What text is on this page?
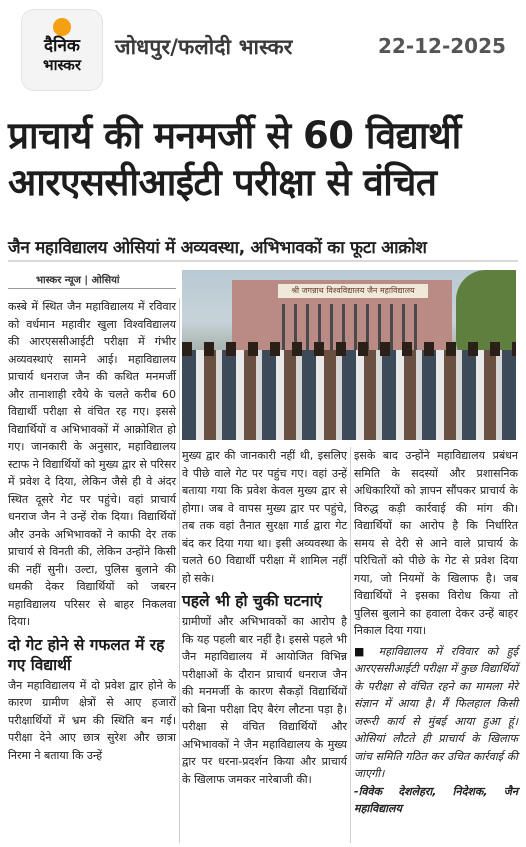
दैनिक
भास्कर
जोधपुर/फलोदी भास्कर	22-12-2025
प्राचार्य की मनमर्जी से 60 विद्यार्थी आरएससीआईटी परीक्षा से वंचित
जैन महाविद्यालय ओसियां में अव्यवस्था, अभिभावकों का फूटा आक्रोश
भास्कर न्यूज | ओसियां
श्री जगन्नाथ विश्वविद्यालय जैन महाविद्यालय

कस्बे में स्थित जैन महाविद्यालय में रविवार को वर्धमान महावीर खुला विश्वविद्यालय की आरएससीआईटी परीक्षा में गंभीर अव्यवस्थाएं सामने आई। महाविद्यालय प्राचार्य धनराज जैन की कथित मनमर्जी और तानाशाही रवैये के चलते करीब 60 विद्यार्थी परीक्षा से वंचित रह गए। इससे विद्यार्थियों व अभिभावकों में आक्रोशित हो गए। जानकारी के अनुसार, महाविद्यालय स्टाफ ने विद्यार्थियों को मुख्य द्वार से परिसर में प्रवेश दे दिया, लेकिन जैसे ही वे अंदर स्थित दूसरे गेट पर पहुंचे। वहां प्राचार्य धनराज जैन ने उन्हें रोक दिया। विद्यार्थियों और उनके अभिभावकों ने काफी देर तक प्राचार्य से विनती की, लेकिन उन्होंने किसी की नहीं सुनी। उल्टा, पुलिस बुलाने की धमकी देकर विद्यार्थियों को जबरन महाविद्यालय परिसर से बाहर निकलवा दिया।

दो गेट होने से गफलत में रह गए विद्यार्थी

जैन महाविद्यालय में दो प्रवेश द्वार होने के कारण ग्रामीण क्षेत्रों से आए हजारों परीक्षार्थियों में भ्रम की स्थिति बन गई। परीक्षा देने आए छात्र सुरेश और छात्रा निरमा ने बताया कि उन्हें

मुख्य द्वार की जानकारी नहीं थी, इसलिए वे पीछे वाले गेट पर पहुंच गए। वहां उन्हें बताया गया कि प्रवेश केवल मुख्य द्वार से होगा। जब वे वापस मुख्य द्वार पर पहुंचे, तब तक वहां तैनात सुरक्षा गार्ड द्वारा गेट बंद कर दिया गया था। इसी अव्यवस्था के चलते 60 विद्यार्थी परीक्षा में शामिल नहीं हो सके।

पहले भी हो चुकी घटनाएं

ग्रामीणों और अभिभावकों का आरोप है कि यह पहली बार नहीं है। इससे पहले भी जैन महाविद्यालय में आयोजित विभिन्न परीक्षाओं के दौरान प्राचार्य धनराज जैन की मनमर्जी के कारण सैकड़ों विद्यार्थियों को बिना परीक्षा दिए बैरंग लौटना पड़ा है। परीक्षा से वंचित विद्यार्थियों और अभिभावकों ने जैन महाविद्यालय के मुख्य द्वार पर धरना-प्रदर्शन किया और प्राचार्य के खिलाफ जमकर नारेबाजी की।

इसके बाद उन्होंने महाविद्यालय प्रबंधन समिति के सदस्यों और प्रशासनिक अधिकारियों को ज्ञापन सौंपकर प्राचार्य के विरुद्ध कड़ी कार्रवाई की मांग की। विद्यार्थियों का आरोप है कि निर्धारित समय से देरी से आने वाले प्राचार्य के परिचितों को पीछे के गेट से प्रवेश दिया गया, जो नियमों के खिलाफ है। जब विद्यार्थियों ने इसका विरोध किया तो पुलिस बुलाने का हवाला देकर उन्हें बाहर निकाल दिया गया।

■ महाविद्यालय में रविवार को हुई आरएससीआईटी परीक्षा में कुछ विद्यार्थियों के परीक्षा से वंचित रहने का मामला मेरे संज्ञान में आया है। मैं फिलहाल किसी जरूरी कार्य से मुंबई आया हुआ हूं। ओसियां लौटते ही प्राचार्य के खिलाफ जांच समिति गठित कर उचित कार्रवाई की जाएगी।

-विवेक देशलेहरा, निदेशक, जैन महाविद्यालय
